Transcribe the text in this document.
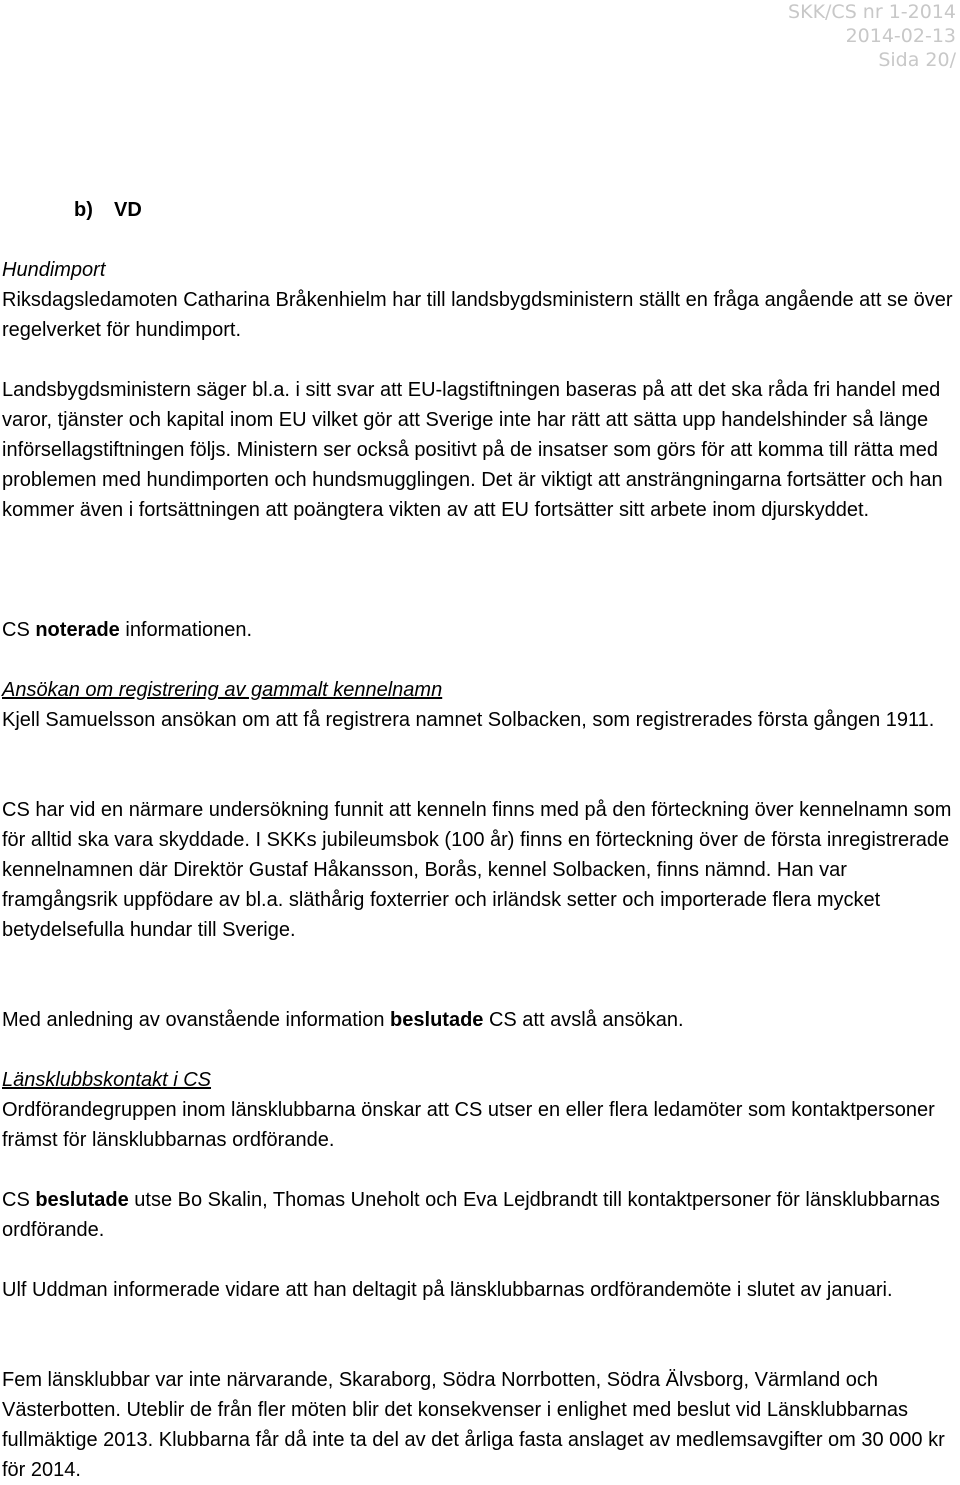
SKK/CS nr 1-2014
2014-02-13
Sida 20/
b) VD
Hundimport
Riksdagsledamoten Catharina Bråkenhielm har till landsbygdsministern ställt en fråga angående att se över regelverket för hundimport.
Landsbygdsministern säger bl.a. i sitt svar att EU-lagstiftningen baseras på att det ska råda fri handel med varor, tjänster och kapital inom EU vilket gör att Sverige inte har rätt att sätta upp handelshinder så länge införsellagstiftningen följs. Ministern ser också positivt på de insatser som görs för att komma till rätta med problemen med hundimporten och hundsmugglingen. Det är viktigt att ansträngningarna fortsätter och han kommer även i fortsättningen att poängtera vikten av att EU fortsätter sitt arbete inom djurskyddet.
CS noterade informationen.
Ansökan om registrering av gammalt kennelnamn
Kjell Samuelsson ansökan om att få registrera namnet Solbacken, som registrerades första gången 1911.
CS har vid en närmare undersökning funnit att kenneln finns med på den förteckning över kennelnamn som för alltid ska vara skyddade. I SKKs jubileumsbok (100 år) finns en förteckning över de första inregistrerade kennelnamnen där Direktör Gustaf Håkansson, Borås, kennel Solbacken, finns nämnd. Han var framgångsrik uppfödare av bl.a. släthårig foxterrier och irländsk setter och importerade flera mycket betydelsefulla hundar till Sverige.
Med anledning av ovanstående information beslutade CS att avslå ansökan.
Länsklubbskontakt i CS
Ordförandegruppen inom länsklubbarna önskar att CS utser en eller flera ledamöter som kontaktpersoner främst för länsklubbarnas ordförande.
CS beslutade utse Bo Skalin, Thomas Uneholt och Eva Lejdbrandt till kontaktpersoner för länsklubbarnas ordförande.
Ulf Uddman informerade vidare att han deltagit på länsklubbarnas ordförandemöte i slutet av januari.
Fem länsklubbar var inte närvarande, Skaraborg, Södra Norrbotten, Södra Älvsborg, Värmland och Västerbotten. Uteblir de från fler möten blir det konsekvenser i enlighet med beslut vid Länsklubbarnas fullmäktige 2013. Klubbarna får då inte ta del av det årliga fasta anslaget av medlemsavgifter om 30 000 kr för 2014.
